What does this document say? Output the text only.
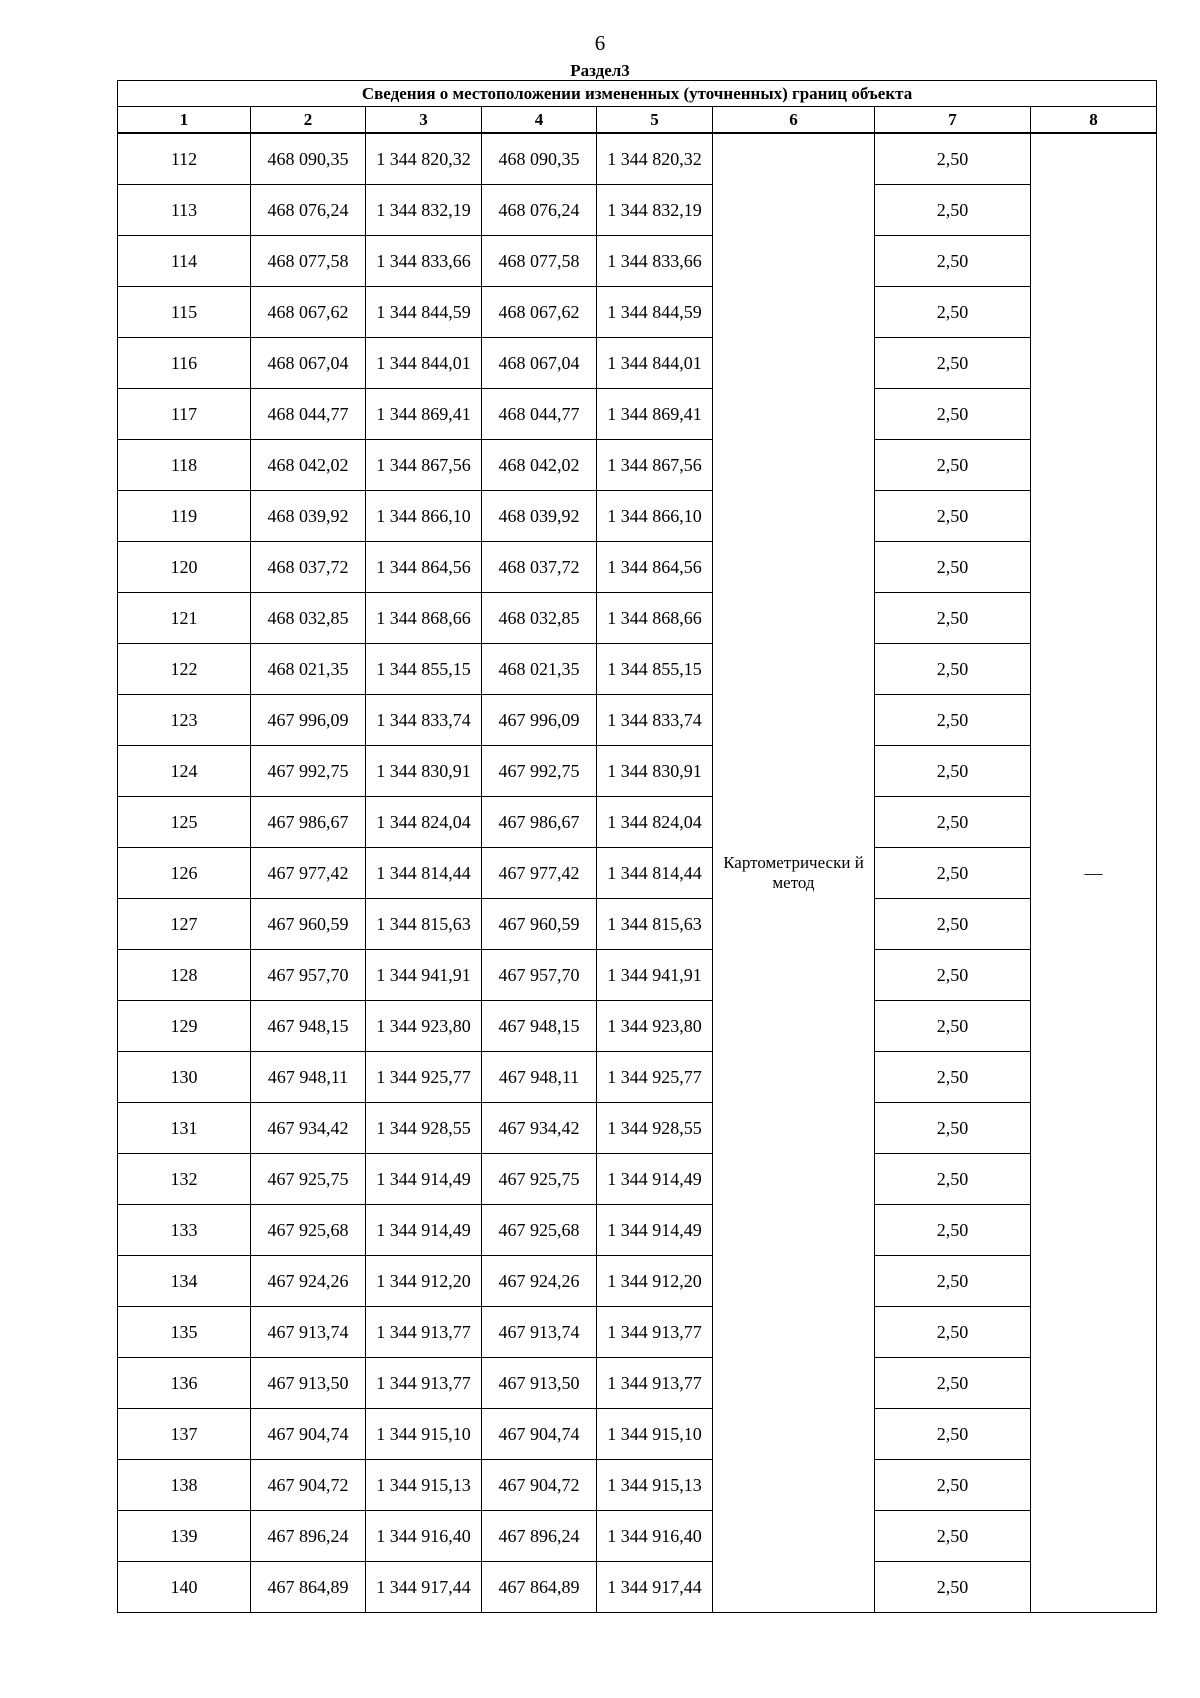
6
Раздел3
Сведения о местоположении измененных (уточненных) границ объекта							
1	2	3	4	5	6	7	8
112	468 090,35	1 344 820,32	468 090,35	1 344 820,32	Картометрически й метод	2,50	—
113	468 076,24	1 344 832,19	468 076,24	1 344 832,19		2,50	
114	468 077,58	1 344 833,66	468 077,58	1 344 833,66		2,50	
115	468 067,62	1 344 844,59	468 067,62	1 344 844,59		2,50	
116	468 067,04	1 344 844,01	468 067,04	1 344 844,01		2,50	
117	468 044,77	1 344 869,41	468 044,77	1 344 869,41		2,50	
118	468 042,02	1 344 867,56	468 042,02	1 344 867,56		2,50	
119	468 039,92	1 344 866,10	468 039,92	1 344 866,10		2,50	
120	468 037,72	1 344 864,56	468 037,72	1 344 864,56		2,50	
121	468 032,85	1 344 868,66	468 032,85	1 344 868,66		2,50	
122	468 021,35	1 344 855,15	468 021,35	1 344 855,15		2,50	
123	467 996,09	1 344 833,74	467 996,09	1 344 833,74		2,50	
124	467 992,75	1 344 830,91	467 992,75	1 344 830,91		2,50	
125	467 986,67	1 344 824,04	467 986,67	1 344 824,04		2,50	
126	467 977,42	1 344 814,44	467 977,42	1 344 814,44		2,50	
127	467 960,59	1 344 815,63	467 960,59	1 344 815,63		2,50	
128	467 957,70	1 344 941,91	467 957,70	1 344 941,91		2,50	
129	467 948,15	1 344 923,80	467 948,15	1 344 923,80		2,50	
130	467 948,11	1 344 925,77	467 948,11	1 344 925,77		2,50	
131	467 934,42	1 344 928,55	467 934,42	1 344 928,55		2,50	
132	467 925,75	1 344 914,49	467 925,75	1 344 914,49		2,50	
133	467 925,68	1 344 914,49	467 925,68	1 344 914,49		2,50	
134	467 924,26	1 344 912,20	467 924,26	1 344 912,20		2,50	
135	467 913,74	1 344 913,77	467 913,74	1 344 913,77		2,50	
136	467 913,50	1 344 913,77	467 913,50	1 344 913,77		2,50	
137	467 904,74	1 344 915,10	467 904,74	1 344 915,10		2,50	
138	467 904,72	1 344 915,13	467 904,72	1 344 915,13		2,50	
139	467 896,24	1 344 916,40	467 896,24	1 344 916,40		2,50	
140	467 864,89	1 344 917,44	467 864,89	1 344 917,44		2,50	
